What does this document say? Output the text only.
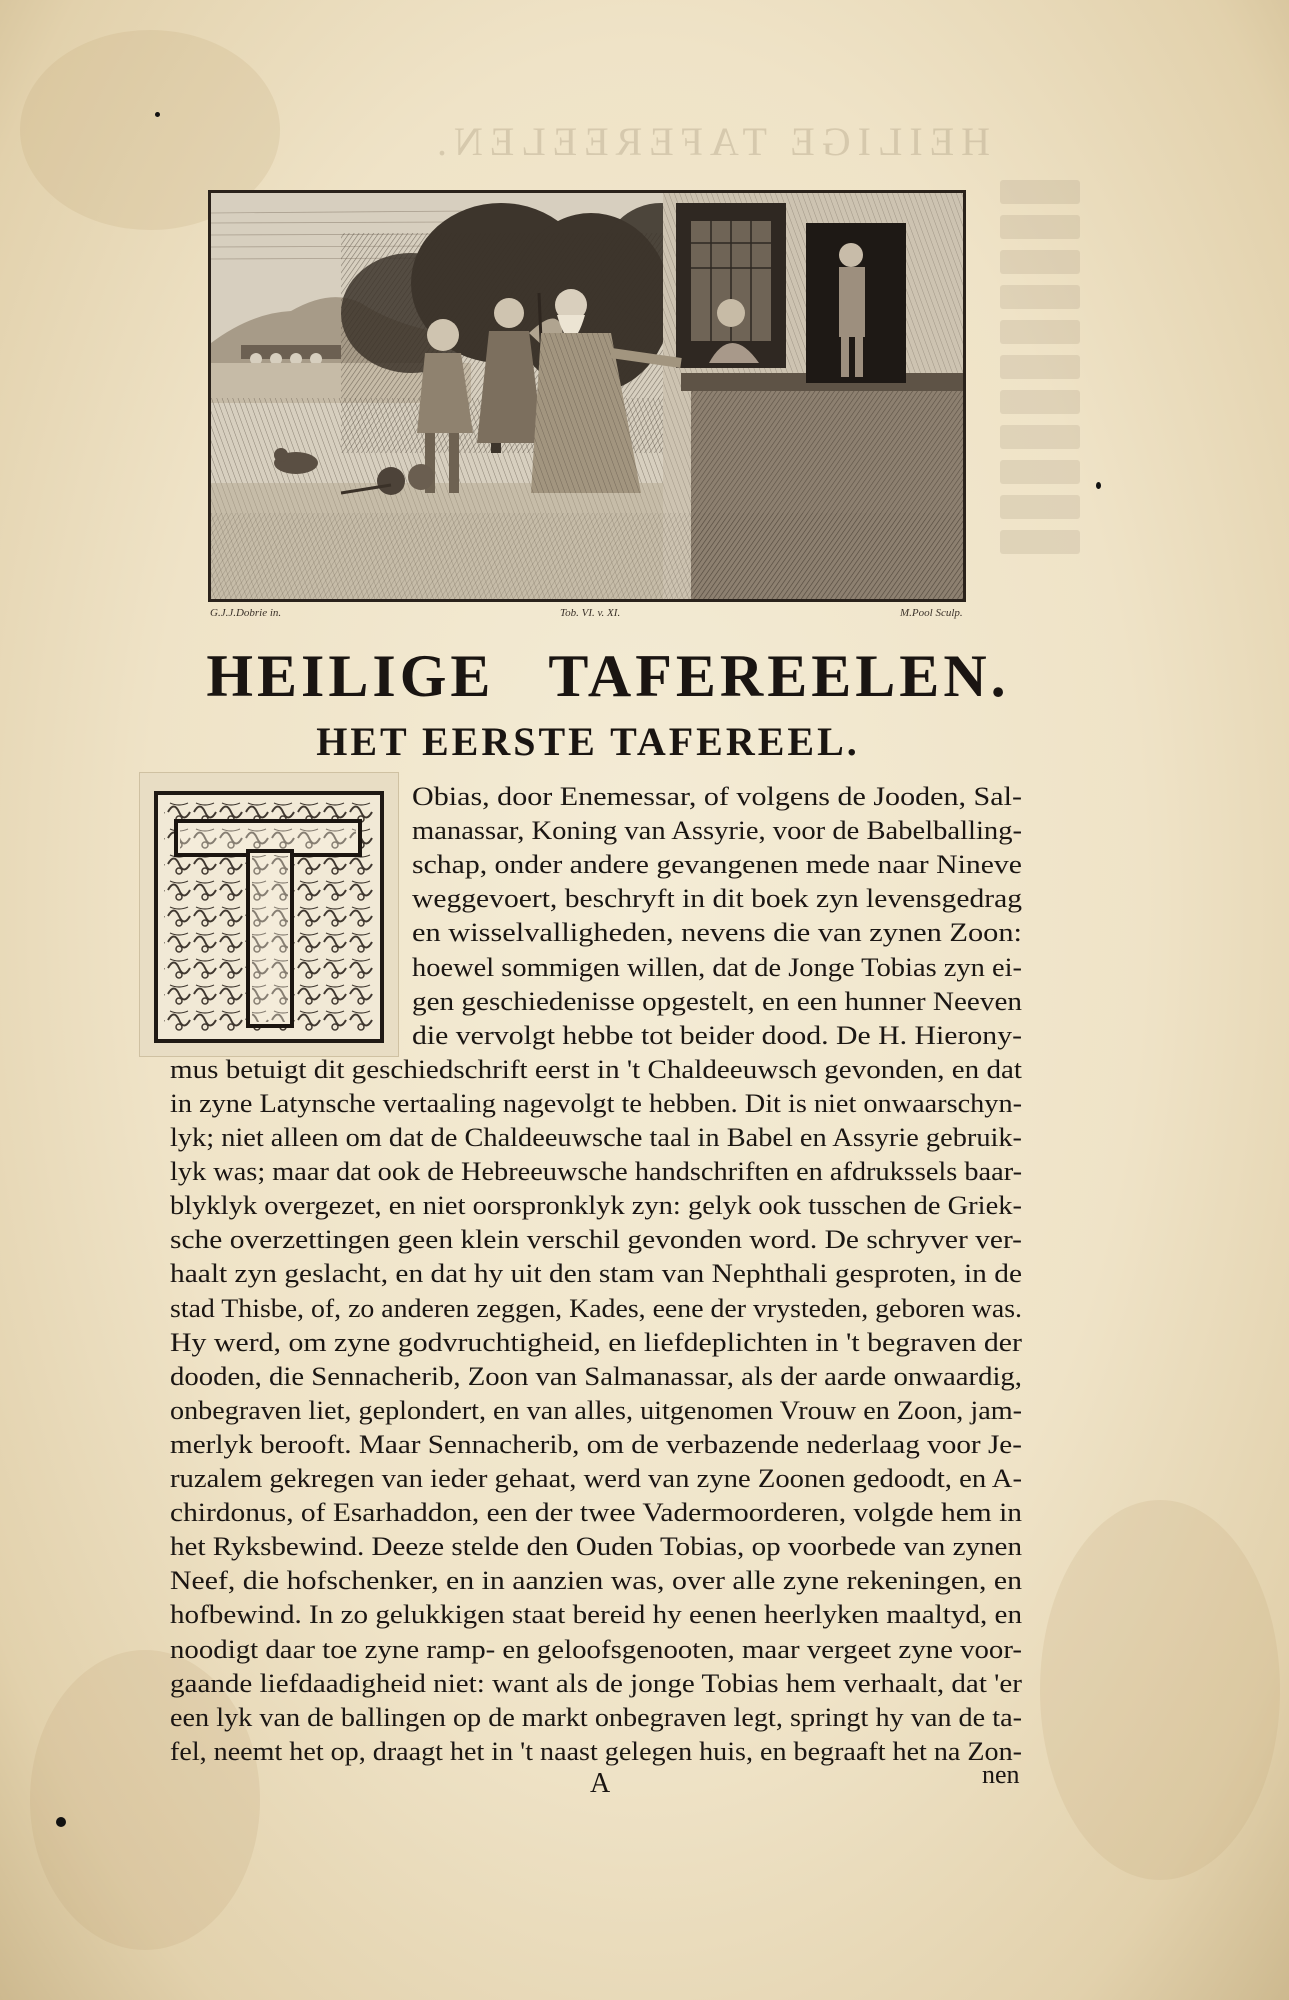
HEILIGE TAFEREELEN.
G.J.J.Dobrie in.	Tob. VI. v. XI.	M.Pool Sculp.
HEILIGE TAFEREELEN.
HET EERSTE TAFEREEL.
Obias, door Enemessar, of volgens de Jooden, Sal-
manassar, Koning van Assyrie, voor de Babelballing-
schap, onder andere gevangenen mede naar Nineve
weggevoert, beschryft in dit boek zyn levensgedrag
en wisselvalligheden, nevens die van zynen Zoon:
hoewel sommigen willen, dat de Jonge Tobias zyn ei-
gen geschiedenisse opgestelt, en een hunner Neeven
die vervolgt hebbe tot beider dood. De H. Hierony-
mus betuigt dit geschiedschrift eerst in 't Chaldeeuwsch gevonden, en dat
in zyne Latynsche vertaaling nagevolgt te hebben. Dit is niet onwaarschyn-
lyk; niet alleen om dat de Chaldeeuwsche taal in Babel en Assyrie gebruik-
lyk was; maar dat ook de Hebreeuwsche handschriften en afdrukssels baar-
blyklyk overgezet, en niet oorspronklyk zyn: gelyk ook tusschen de Griek-
sche overzettingen geen klein verschil gevonden word. De schryver ver-
haalt zyn geslacht, en dat hy uit den stam van Nephthali gesproten, in de
stad Thisbe, of, zo anderen zeggen, Kades, eene der vrysteden, geboren was.
Hy werd, om zyne godvruchtigheid, en liefdeplichten in 't begraven der
dooden, die Sennacherib, Zoon van Salmanassar, als der aarde onwaardig,
onbegraven liet, geplondert, en van alles, uitgenomen Vrouw en Zoon, jam-
merlyk berooft. Maar Sennacherib, om de verbazende nederlaag voor Je-
ruzalem gekregen van ieder gehaat, werd van zyne Zoonen gedoodt, en A-
chirdonus, of Esarhaddon, een der twee Vadermoorderen, volgde hem in
het Ryksbewind. Deeze stelde den Ouden Tobias, op voorbede van zynen
Neef, die hofschenker, en in aanzien was, over alle zyne rekeningen, en
hofbewind. In zo gelukkigen staat bereid hy eenen heerlyken maaltyd, en
noodigt daar toe zyne ramp- en geloofsgenooten, maar vergeet zyne voor-
gaande liefdaadigheid niet: want als de jonge Tobias hem verhaalt, dat 'er
een lyk van de ballingen op de markt onbegraven legt, springt hy van de ta-
fel, neemt het op, draagt het in 't naast gelegen huis, en begraaft het na Zon-
A	nen
